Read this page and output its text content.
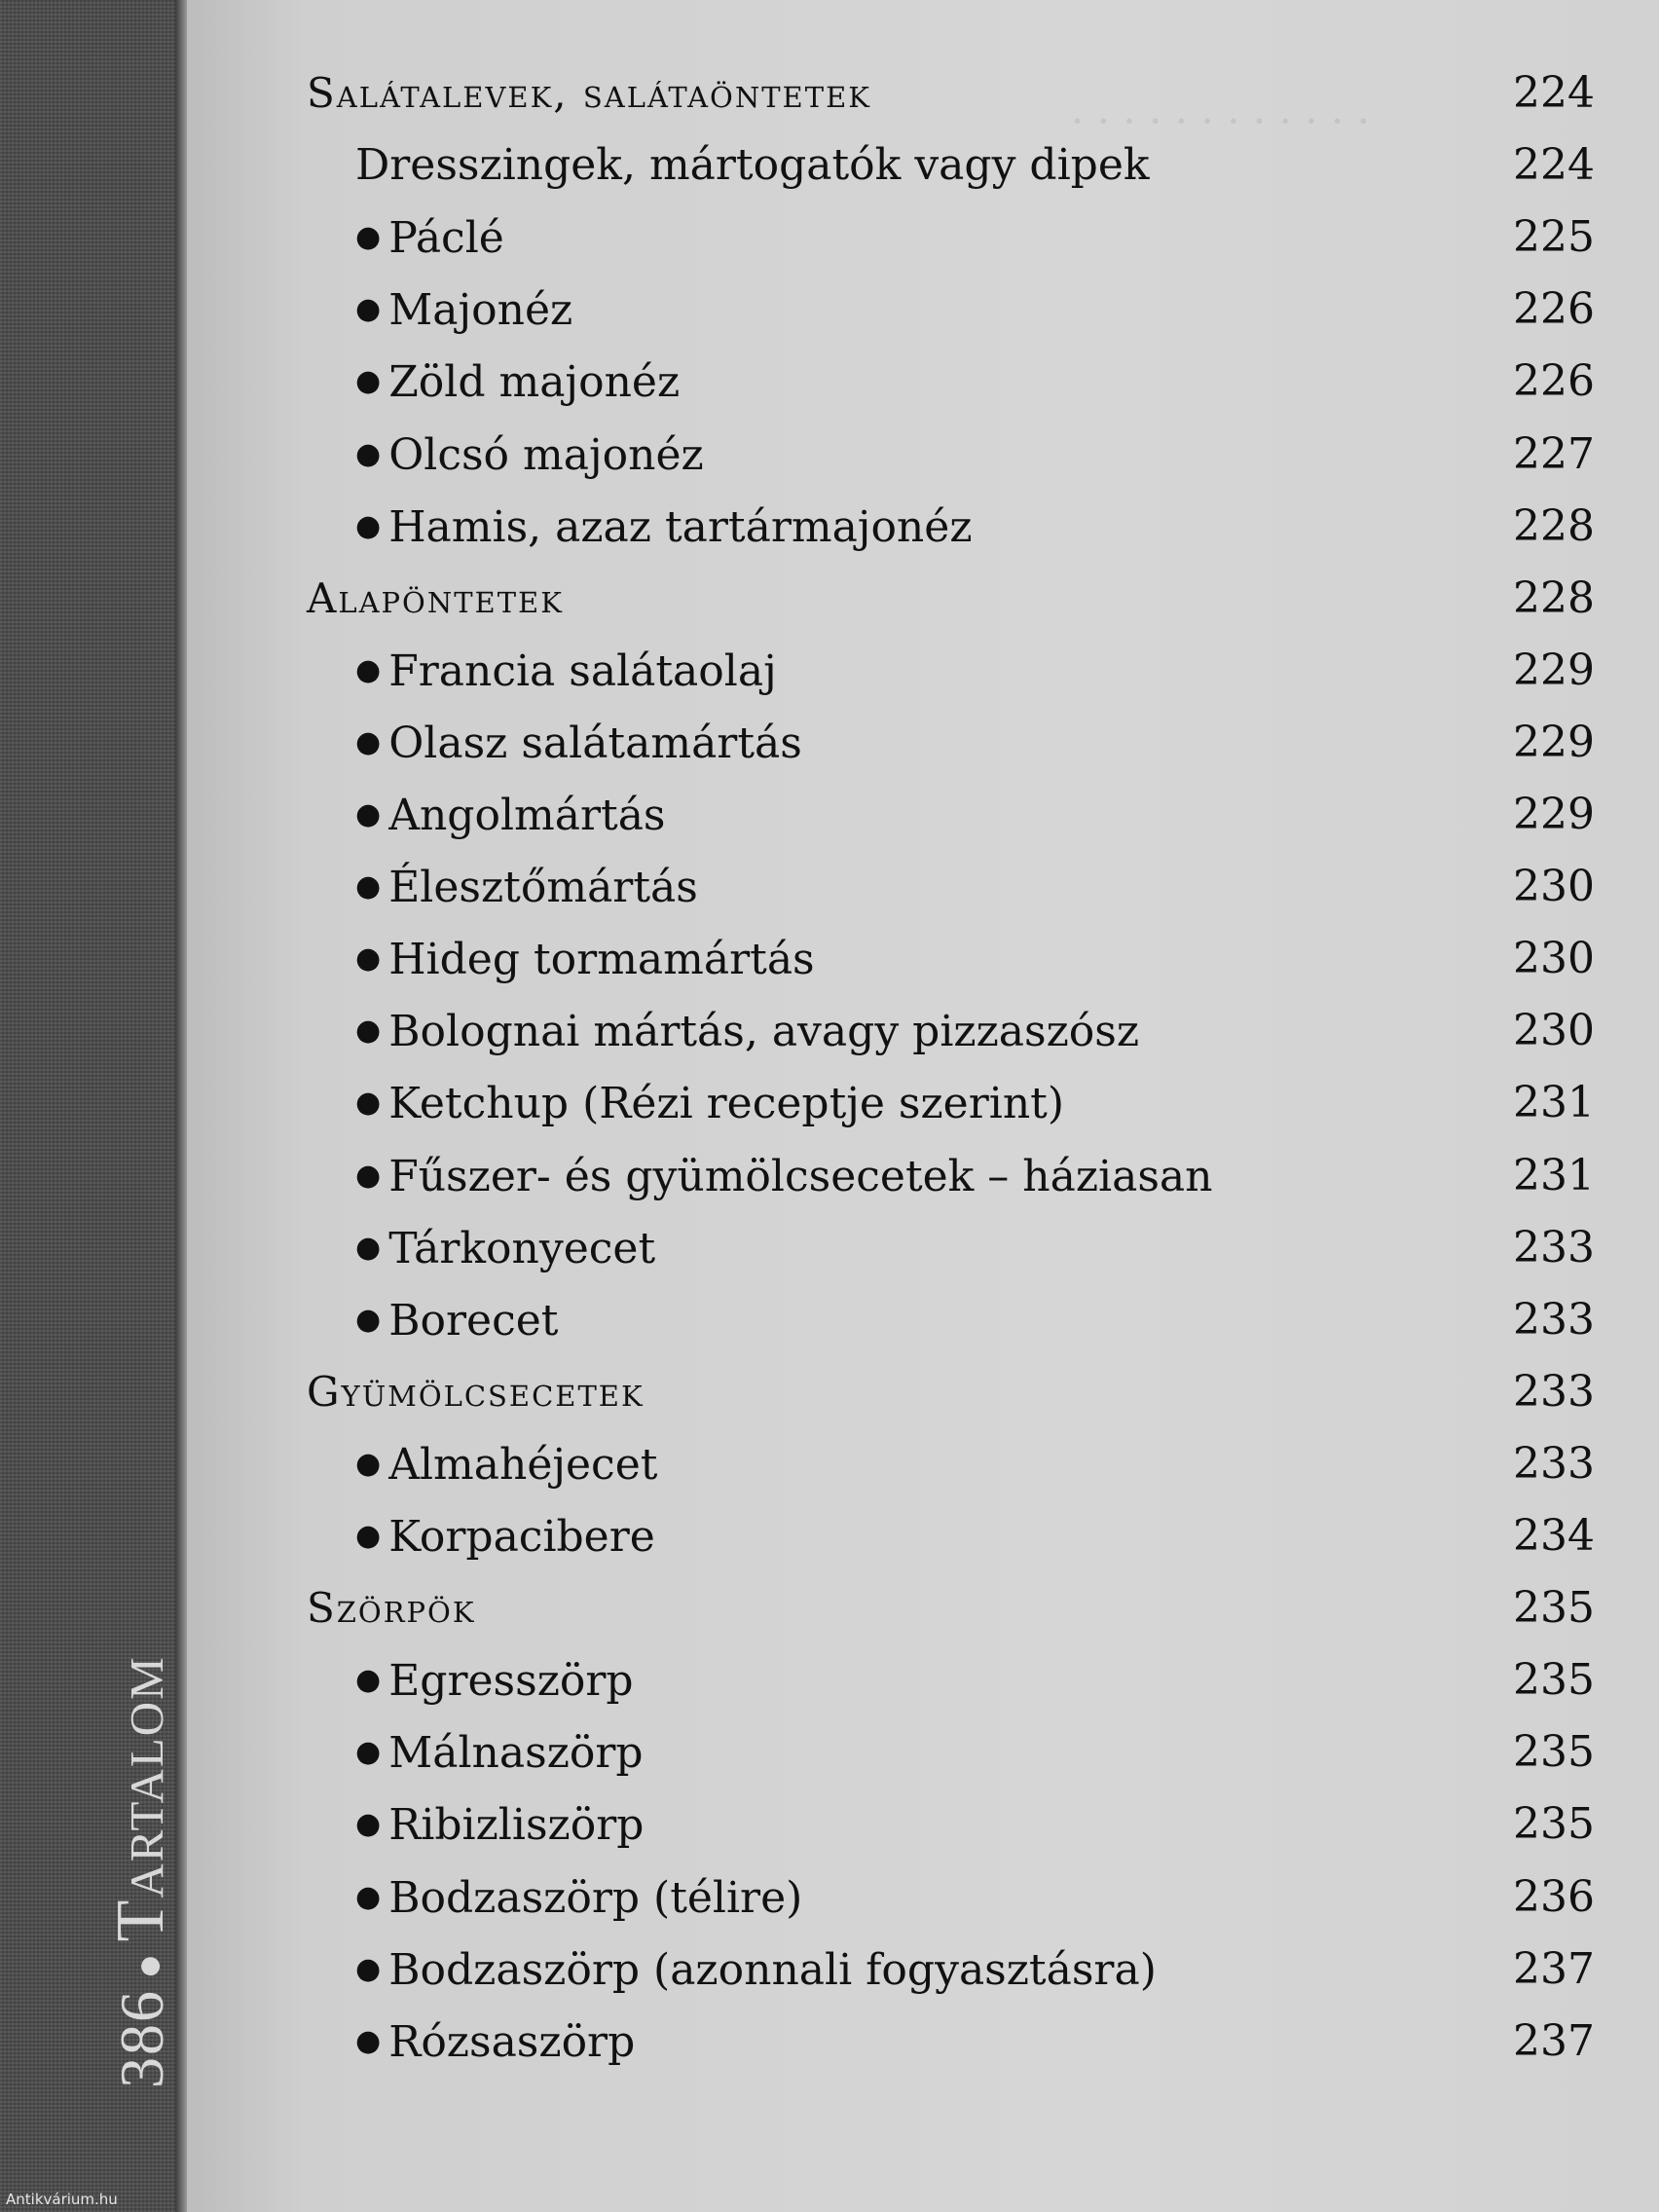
386●Tartalom
Antikvárium.hu
· · · · · · · · · · · ·
Salátalevek, salátaöntetek	224
Dresszingek, mártogatók vagy dipek	224
● Páclé	225
● Majonéz	226
● Zöld majonéz	226
● Olcsó majonéz	227
● Hamis, azaz tartármajonéz	228
Alapöntetek	228
● Francia salátaolaj	229
● Olasz salátamártás	229
● Angolmártás	229
● Élesztőmártás	230
● Hideg tormamártás	230
● Bolognai mártás, avagy pizzaszósz	230
● Ketchup (Rézi receptje szerint)	231
● Fűszer- és gyümölcsecetek – háziasan	231
● Tárkonyecet	233
● Borecet	233
Gyümölcsecetek	233
● Almahéjecet	233
● Korpacibere	234
Szörpök	235
● Egresszörp	235
● Málnaszörp	235
● Ribizliszörp	235
● Bodzaszörp (télire)	236
● Bodzaszörp (azonnali fogyasztásra)	237
● Rózsaszörp	237
